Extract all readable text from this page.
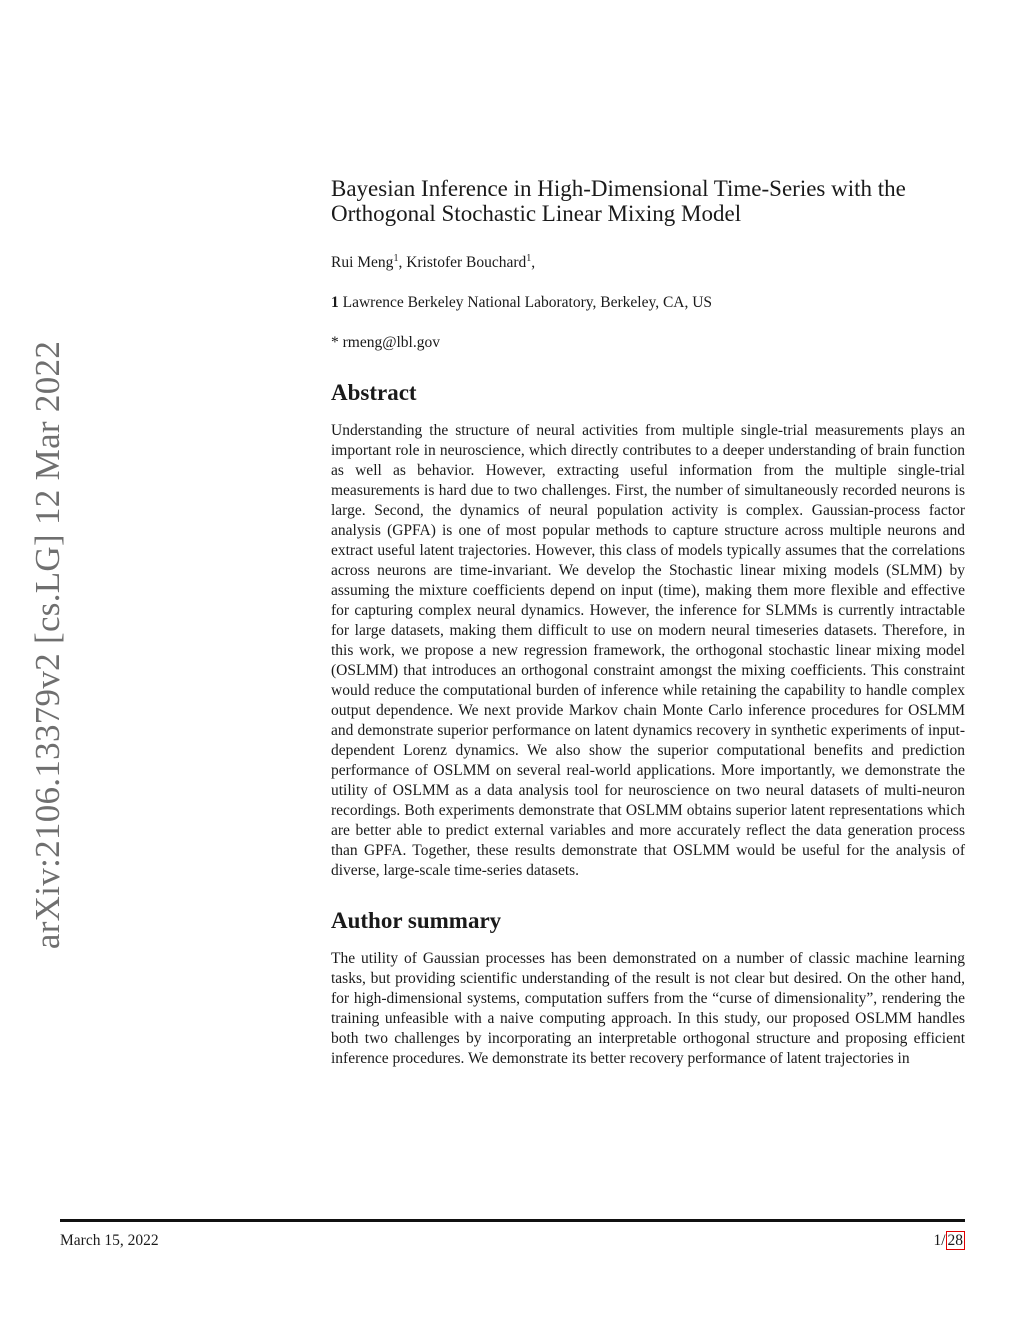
arXiv:2106.13379v2 [cs.LG] 12 Mar 2022
Bayesian Inference in High-Dimensional Time-Series with the
Orthogonal Stochastic Linear Mixing Model
Rui Meng$^1$, Kristofer Bouchard$^1$,
1 Lawrence Berkeley National Laboratory, Berkeley, CA, US
* rmeng@lbl.gov
Abstract

Understanding the structure of neural activities from multiple single-trial measurements plays an important role in neuroscience, which directly contributes to a deeper understanding of brain function as well as behavior. However, extracting useful information from the multiple single-trial measurements is hard due to two challenges. First, the number of simultaneously recorded neurons is large. Second, the dynamics of neural population activity is complex. Gaussian-process factor analysis (GPFA) is one of most popular methods to capture structure across multiple neurons and extract useful latent trajectories. However, this class of models typically assumes that the correlations across neurons are time-invariant. We develop the Stochastic linear mixing models (SLMM) by assuming the mixture coefficients depend on input (time), making them more flexible and effective for capturing complex neural dynamics. However, the inference for SLMMs is currently intractable for large datasets, making them difficult to use on modern neural timeseries datasets. Therefore, in this work, we propose a new regression framework, the orthogonal stochastic linear mixing model (OSLMM) that introduces an orthogonal constraint amongst the mixing coefficients. This constraint would reduce the computational burden of inference while retaining the capability to handle complex output dependence. We next provide Markov chain Monte Carlo inference procedures for OSLMM and demonstrate superior performance on latent dynamics recovery in synthetic experiments of input-dependent Lorenz dynamics. We also show the superior computational benefits and prediction performance of OSLMM on several real-world applications. More importantly, we demonstrate the utility of OSLMM as a data analysis tool for neuroscience on two neural datasets of multi-neuron recordings. Both experiments demonstrate that OSLMM obtains superior latent representations which are better able to predict external variables and more accurately reflect the data generation process than GPFA. Together, these results demonstrate that OSLMM would be useful for the analysis of diverse, large-scale time-series datasets.

Author summary

The utility of Gaussian processes has been demonstrated on a number of classic machine learning tasks, but providing scientific understanding of the result is not clear but desired. On the other hand, for high-dimensional systems, computation suffers from the “curse of dimensionality”, rendering the training unfeasible with a naive computing approach. In this study, our proposed OSLMM handles both two challenges by incorporating an interpretable orthogonal structure and proposing efficient inference procedures. We demonstrate its better recovery performance of latent trajectories in

March 15, 2022	1/ 28
